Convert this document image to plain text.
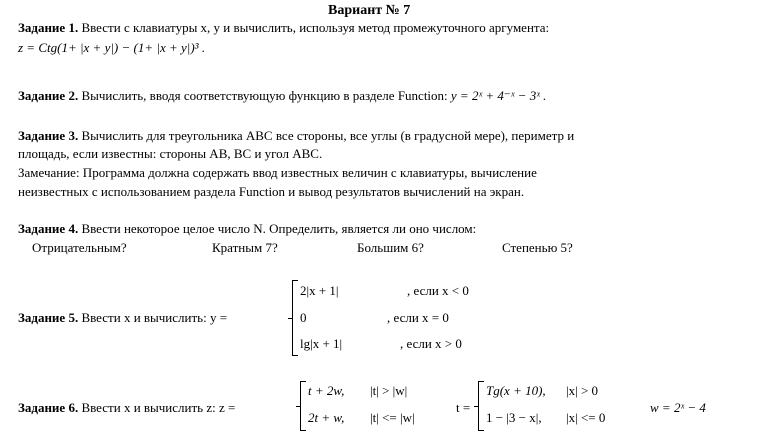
Вариант № 7
Задание 1. Ввести с клавиатуры x, y и вычислить, используя метод промежуточного аргумента:
z = Ctg(1+ |x + y|) − (1+ |x + y|)³ .
Задание 2. Вычислить, вводя соответствующую функцию в разделе Function: y = 2ˣ + 4⁻ˣ − 3ˣ .
Задание 3. Вычислить для треугольника ABC все стороны, все углы (в градусной мере), периметр и
площадь, если известны: стороны AB, BC и угол ABC.
Замечание: Программа должна содержать ввод известных величин с клавиатуры, вычисление
неизвестных с использованием раздела Function и вывод результатов вычислений на экран.
Задание 4. Ввести некоторое целое число N. Определить, является ли оно числом:
Отрицательным?	Кратным 7?	Большим 6?	Степенью 5?
Задание 5. Ввести x и вычислить: y =
2|x + 1|	, если x < 0
0	, если x = 0
lg|x + 1|	, если x > 0
Задание 6. Ввести x и вычислить z: z =
t + 2w, |t| > |w|
2t + w, |t| <= |w|
t =
Tg(x + 10), |x| > 0
1 − |3 − x|, |x| <= 0
w = 2ˣ − 4
